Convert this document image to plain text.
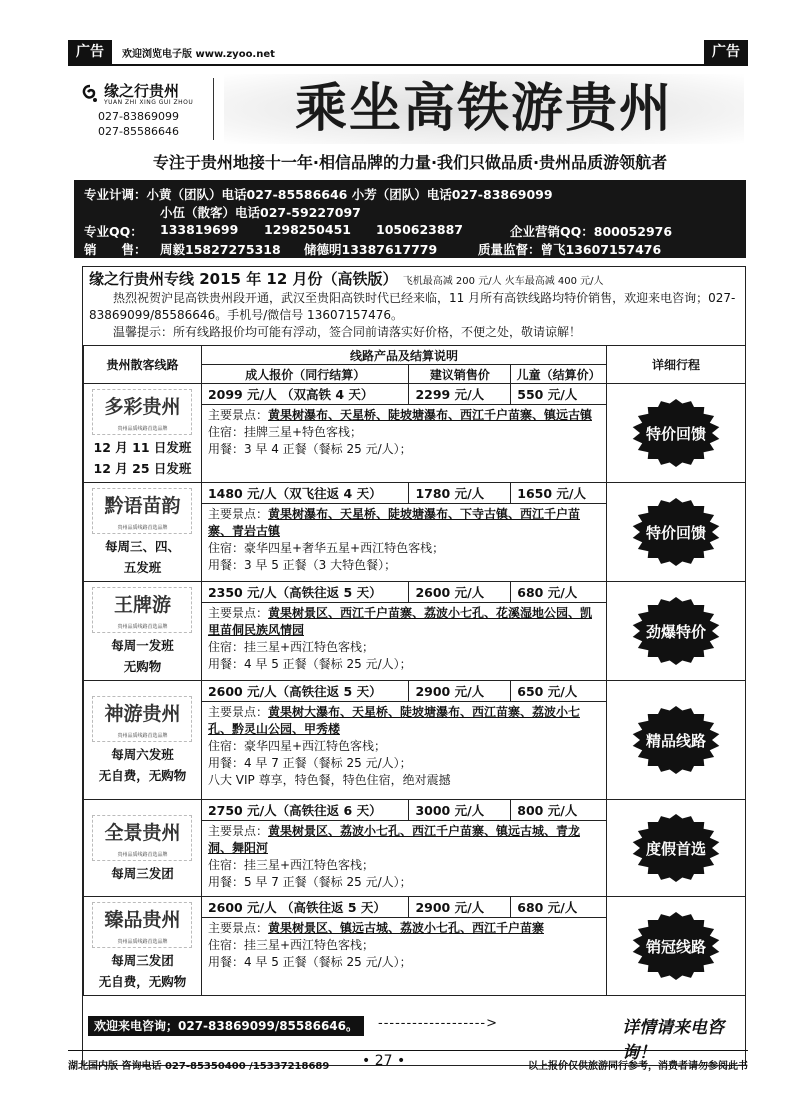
广告	欢迎浏览电子版 www.zyoo.net	广告
缘之行贵州
YUAN ZHI XING GUI ZHOU
027-83869099
027-85586646	乘坐高铁游贵州
专注于贵州地接十一年·相信品牌的力量·我们只做品质·贵州品质游领航者
专业计调：小黄（团队）电话027-85586646 小芳（团队）电话027-83869099
小伍（散客）电话027-59227097
专业QQ： 133819699 1298250451 1050623887	企业营销QQ：800052976
销　　售： 周毅15827275318 储德明13387617779	质量监督：曾飞13607157476
缘之行贵州专线 2015 年 12 月份（高铁版） 飞机最高减 200 元/人 火车最高减 400 元/人

热烈祝贺沪昆高铁贵州段开通，武汉至贵阳高铁时代已经来临，11 月所有高铁线路均特价销售，欢迎来电咨询；027-83869099/85586646。手机号/微信号 13607157476。

温馨提示：所有线路报价均可能有浮动，签合同前请落实好价格，不便之处，敬请谅解！

贵州散客线路	线路产品及结算说明			详细行程
	成人报价（同行结算）	建议销售价	儿童（结算价）	

多彩贵州
贵州品质线路首选品牌
12 月 11 日发班
12 月 25 日发班	2099 元/人 （双高铁 4 天）	2299 元/人	550 元/人	特价回馈

	主要景点：黄果树瀑布、天星桥、陡坡塘瀑布、西江千户苗寨、镇远古镇
住宿：挂牌三星+特色客栈；
用餐：3 早 4 正餐（餐标 25 元/人）；			

黔语苗韵
贵州品质线路首选品牌
每周三、四、
五发班	1480 元/人（双飞往返 4 天）	1780 元/人	1650 元/人	特价回馈

	主要景点：黄果树瀑布、天星桥、陡坡塘瀑布、下寺古镇、西江千户苗寨、青岩古镇
住宿：豪华四星+奢华五星+西江特色客栈；
用餐：3 早 5 正餐（3 大特色餐）；			

王牌游
贵州品质线路首选品牌
每周一发班
无购物	2350 元/人（高铁往返 5 天）	2600 元/人	680 元/人	劲爆特价

	主要景点：黄果树景区、西江千户苗寨、荔波小七孔、花溪湿地公园、凯里苗侗民族风情园
住宿：挂三星+西江特色客栈；
用餐：4 早 5 正餐（餐标 25 元/人）；			

神游贵州
贵州品质线路首选品牌
每周六发班
无自费，无购物	2600 元/人（高铁往返 5 天）	2900 元/人	650 元/人	精品线路

	主要景点：黄果树大瀑布、天星桥、陡坡塘瀑布、西江苗寨、荔波小七孔、黔灵山公园、甲秀楼
住宿：豪华四星+西江特色客栈；
用餐：4 早 7 正餐（餐标 25 元/人）；
八大 VIP 尊享，特色餐，特色住宿，绝对震撼			

全景贵州
贵州品质线路首选品牌
每周三发团	2750 元/人（高铁往返 6 天）	3000 元/人	800 元/人	度假首选

	主要景点：黄果树景区、荔波小七孔、西江千户苗寨、镇远古城、青龙洞、舞阳河
住宿：挂三星+西江特色客栈；
用餐：5 早 7 正餐（餐标 25 元/人）；			

臻品贵州
贵州品质线路首选品牌
每周三发团
无自费，无购物	2600 元/人 （高铁往返 5 天）	2900 元/人	680 元/人	销冠线路

	主要景点：黄果树景区、镇远古城、荔波小七孔、西江千户苗寨
住宿：挂三星+西江特色客栈；
用餐：4 早 5 正餐（餐标 25 元/人）；			
欢迎来电咨询；027-83869099/85586646。	------------------->	详情请来电咨询！
湖北国内版 咨询电话 027-85350400 /15337218689 • 27 •	以上报价仅供旅游同行参考，消费者请勿参阅此书
